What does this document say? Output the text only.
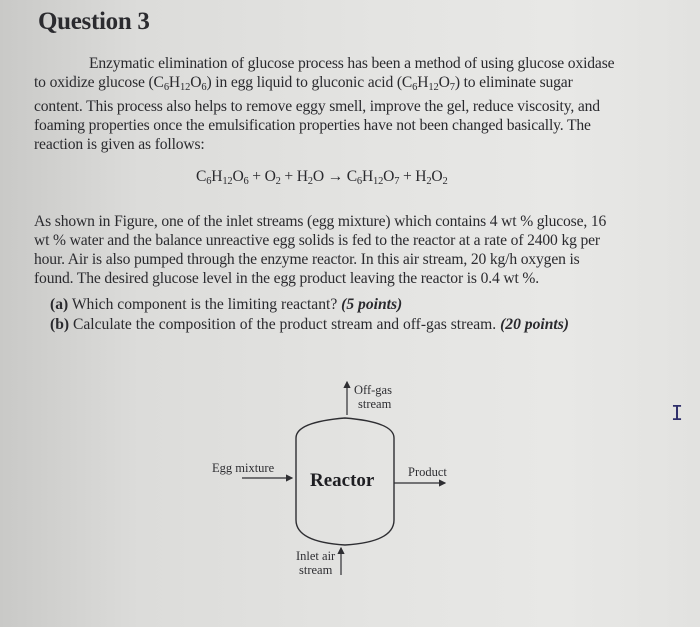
Question 3
Enzymatic elimination of glucose process has been a method of using glucose oxidase
to oxidize glucose $(C_6H_{12}O_6)$ in egg liquid to gluconic acid $(C_6H_{12}O_7)$ to eliminate sugar
content. This process also helps to remove eggy smell, improve the gel, reduce viscosity, and
foaming properties once the emulsification properties have not been changed basically. The
reaction is given as follows:
$C_6H_{12}O_6 + O_2 + H_2O \to C_6H_{12}O_7 + H_2O_2$
As shown in Figure, one of the inlet streams (egg mixture) which contains 4 wt % glucose, 16
wt % water and the balance unreactive egg solids is fed to the reactor at a rate of 2400 kg per
hour. Air is also pumped through the enzyme reactor. In this air stream, 20 kg/h oxygen is
found. The desired glucose level in the egg product leaving the reactor is 0.4 wt %.
(a) Which component is the limiting reactant? (5 points)
(b) Calculate the composition of the product stream and off-gas stream. (20 points)
Off-gas
stream
Egg mixture	Product
Reactor
Inlet air
stream
I
